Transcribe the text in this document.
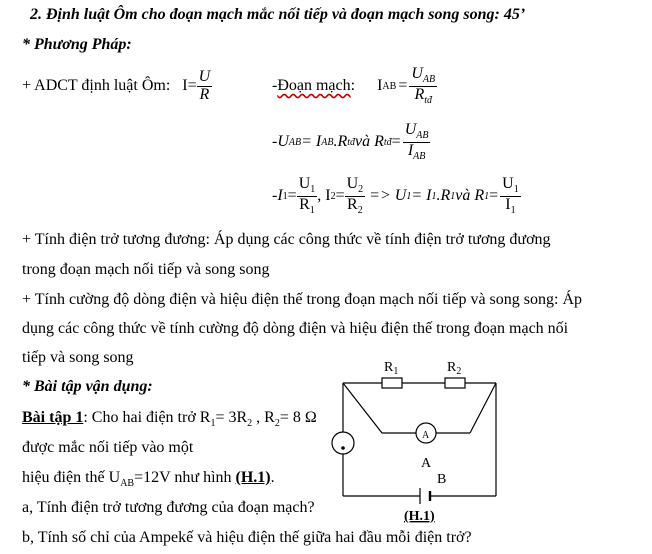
2. Định luật Ôm cho đoạn mạch mắc nối tiếp và đoạn mạch song song: 45’
* Phương Pháp:
+ ADCT định luật Ôm: $I = \frac{U}{R}$	- Đoạn mạch : I AB = $\frac{U_{AB}}{R_{tđ}}$
- U AB = I AB .R tđ và R tđ = $\frac{U_{AB}}{I_{AB}}$
- I $1 = \frac{U_1}{R_1}$ , I $2 = \frac{U_2}{R_2} => U$ 1 = I 1 .R 1 và R $1 = \frac{U_1}{I_1}$
+ Tính điện trở tương đương: Áp dụng các công thức về tính điện trở tương đương
trong đoạn mạch nối tiếp và song song
+ Tính cường độ dòng điện và hiệu điện thế trong đoạn mạch nối tiếp và song song: Áp
dụng các công thức về tính cường độ dòng điện và hiệu điện thế trong đoạn mạch nối
tiếp và song song
* Bài tập vận dụng:
Bài tập 1: Cho hai điện trở $R_1= 3R_2$ , $R_2= 8$ Ω
được mắc nối tiếp vào một
hiệu điện thế $U_{AB}=12V$ như hình (H.1).
a, Tính điện trở tương đương của đoạn mạch?
b, Tính số chỉ của Ampekế và hiệu điện thế giữa hai đầu mỗi điện trở?
$R_1$	$R_2$
A
A
B
(H.1)
